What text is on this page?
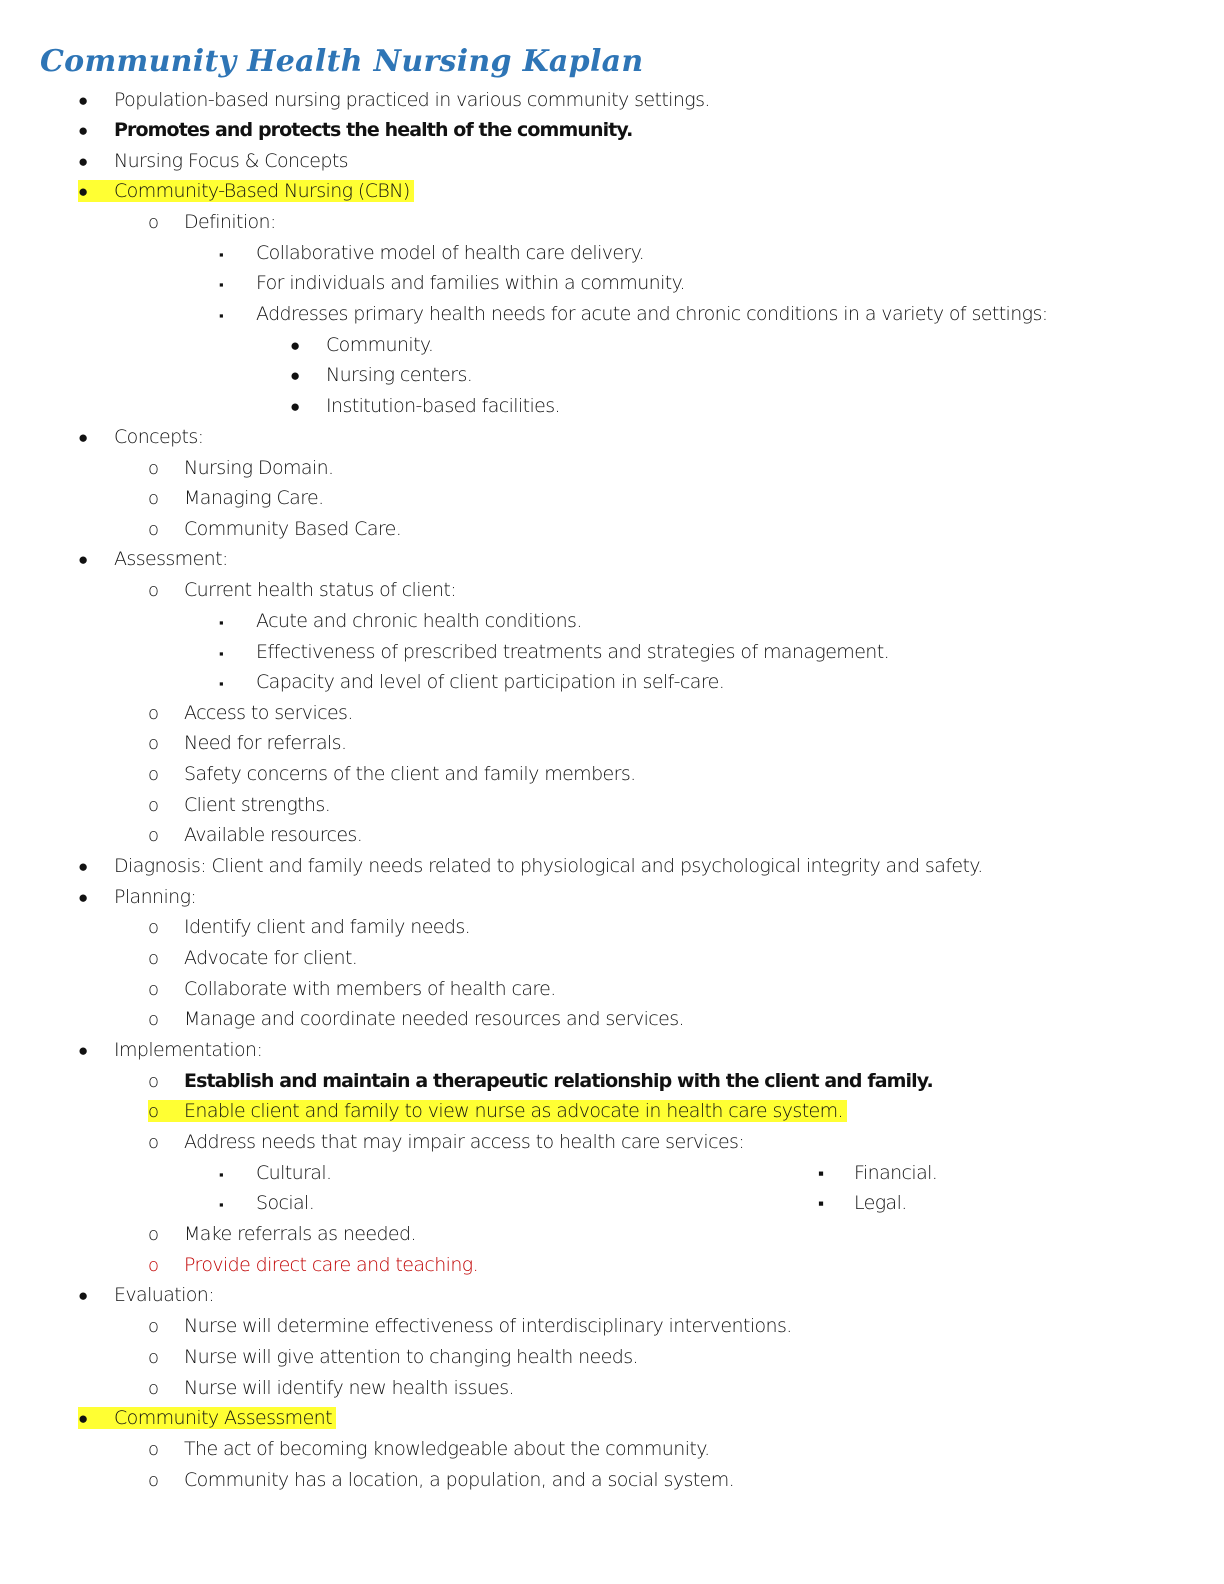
Community Health Nursing Kaplan
● Population-based nursing practiced in various community settings.
● Promotes and protects the health of the community.
● Nursing Focus & Concepts
● Community-Based Nursing (CBN)
o Definition:
▪ Collaborative model of health care delivery.
▪ For individuals and families within a community.
▪ Addresses primary health needs for acute and chronic conditions in a variety of settings:
● Community.
● Nursing centers.
● Institution-based facilities.
● Concepts:
o Nursing Domain.
o Managing Care.
o Community Based Care.
● Assessment:
o Current health status of client:
▪ Acute and chronic health conditions.
▪ Effectiveness of prescribed treatments and strategies of management.
▪ Capacity and level of client participation in self-care.
o Access to services.
o Need for referrals.
o Safety concerns of the client and family members.
o Client strengths.
o Available resources.
● Diagnosis: Client and family needs related to physiological and psychological integrity and safety.
● Planning:
o Identify client and family needs.
o Advocate for client.
o Collaborate with members of health care.
o Manage and coordinate needed resources and services.
● Implementation:
o Establish and maintain a therapeutic relationship with the client and family.
o Enable client and family to view nurse as advocate in health care system.
o Address needs that may impair access to health care services:
▪ Cultural.
▪ Social.
▪ Financial.
▪ Legal.
o Make referrals as needed.
o Provide direct care and teaching.
● Evaluation:
o Nurse will determine effectiveness of interdisciplinary interventions.
o Nurse will give attention to changing health needs.
o Nurse will identify new health issues.
● Community Assessment
o The act of becoming knowledgeable about the community.
o Community has a location, a population, and a social system.
